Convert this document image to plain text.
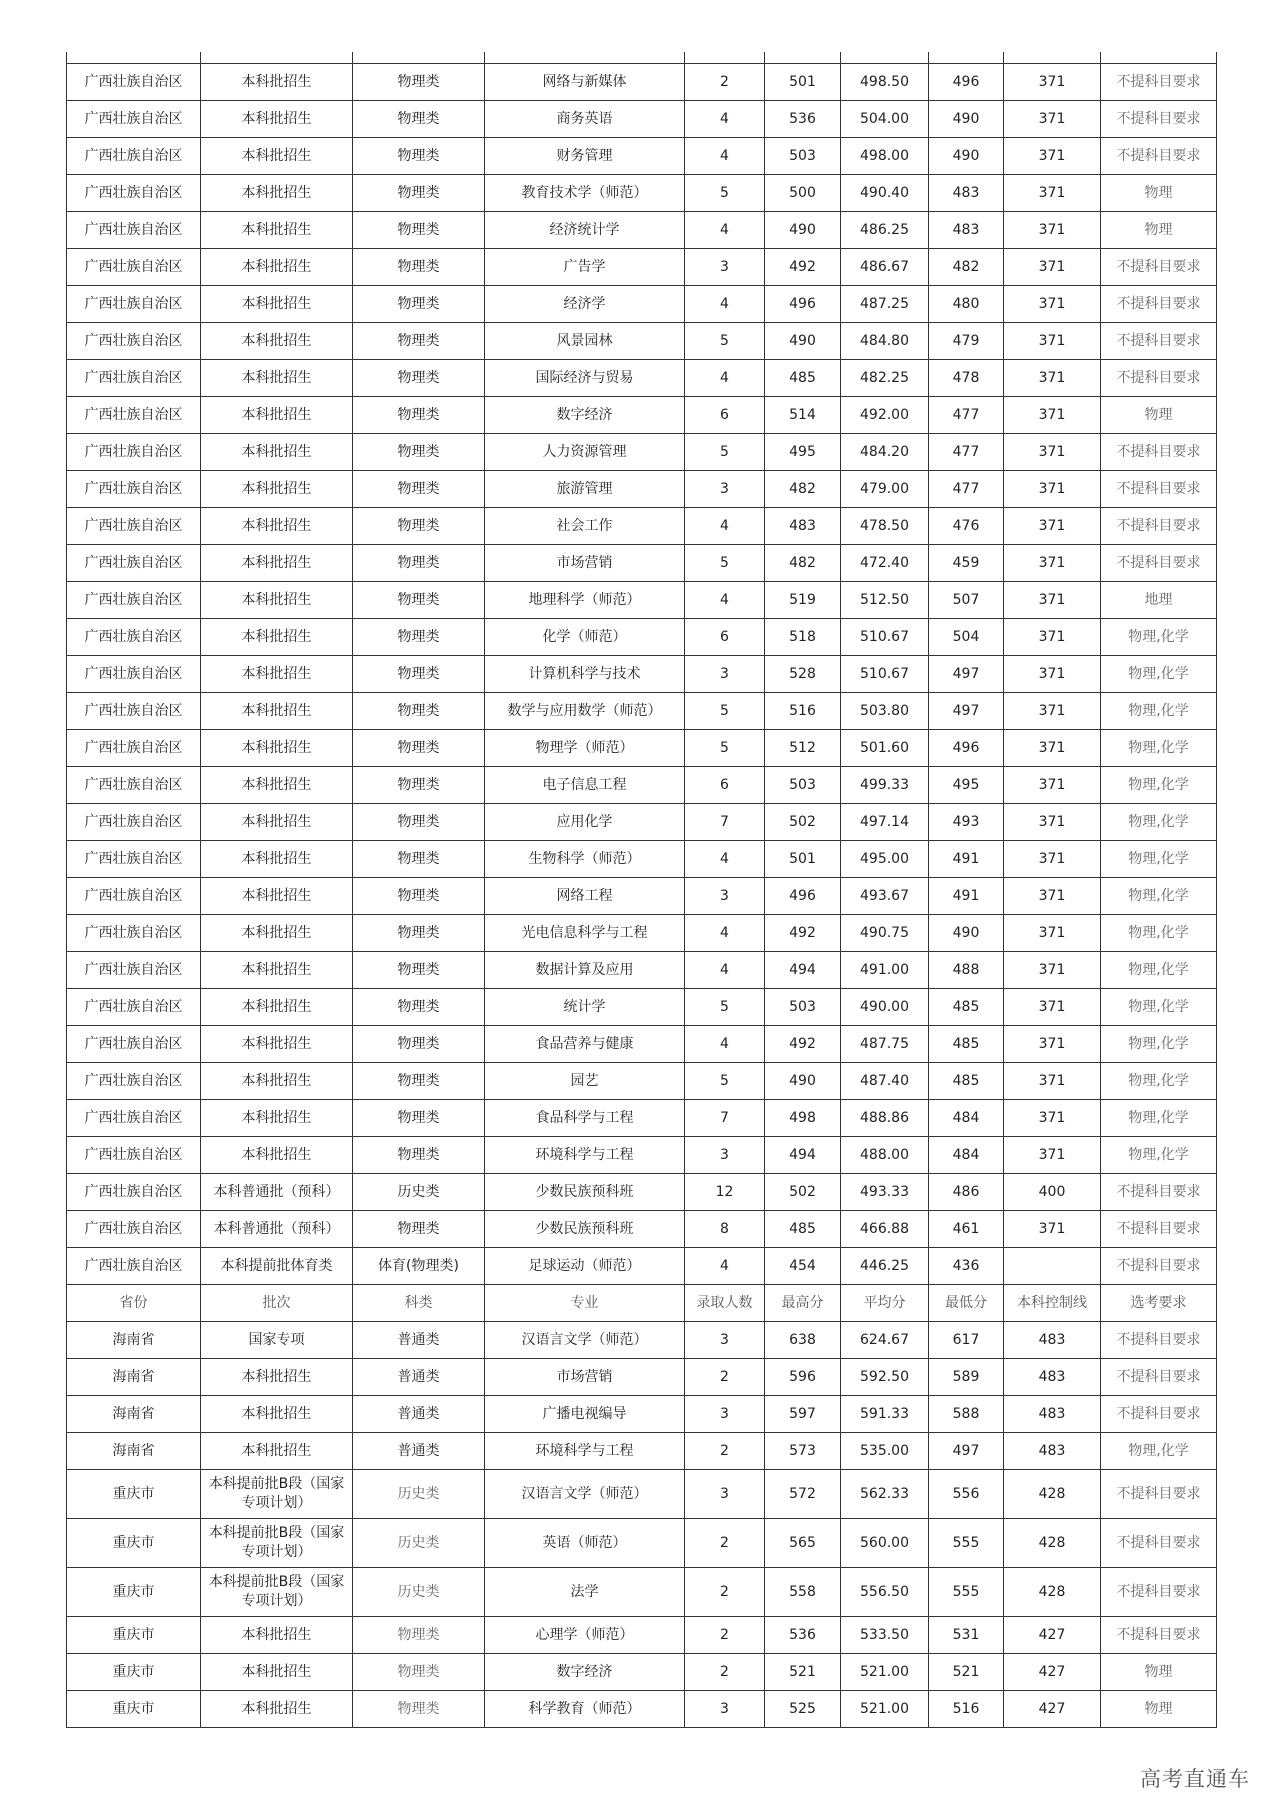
广西壮族自治区	本科批招生	物理类	网络与新媒体	2	501	498.50	496	371	不提科目要求
广西壮族自治区	本科批招生	物理类	商务英语	4	536	504.00	490	371	不提科目要求
广西壮族自治区	本科批招生	物理类	财务管理	4	503	498.00	490	371	不提科目要求
广西壮族自治区	本科批招生	物理类	教育技术学（师范）	5	500	490.40	483	371	物理
广西壮族自治区	本科批招生	物理类	经济统计学	4	490	486.25	483	371	物理
广西壮族自治区	本科批招生	物理类	广告学	3	492	486.67	482	371	不提科目要求
广西壮族自治区	本科批招生	物理类	经济学	4	496	487.25	480	371	不提科目要求
广西壮族自治区	本科批招生	物理类	风景园林	5	490	484.80	479	371	不提科目要求
广西壮族自治区	本科批招生	物理类	国际经济与贸易	4	485	482.25	478	371	不提科目要求
广西壮族自治区	本科批招生	物理类	数字经济	6	514	492.00	477	371	物理
广西壮族自治区	本科批招生	物理类	人力资源管理	5	495	484.20	477	371	不提科目要求
广西壮族自治区	本科批招生	物理类	旅游管理	3	482	479.00	477	371	不提科目要求
广西壮族自治区	本科批招生	物理类	社会工作	4	483	478.50	476	371	不提科目要求
广西壮族自治区	本科批招生	物理类	市场营销	5	482	472.40	459	371	不提科目要求
广西壮族自治区	本科批招生	物理类	地理科学（师范）	4	519	512.50	507	371	地理
广西壮族自治区	本科批招生	物理类	化学（师范）	6	518	510.67	504	371	物理,化学
广西壮族自治区	本科批招生	物理类	计算机科学与技术	3	528	510.67	497	371	物理,化学
广西壮族自治区	本科批招生	物理类	数学与应用数学（师范）	5	516	503.80	497	371	物理,化学
广西壮族自治区	本科批招生	物理类	物理学（师范）	5	512	501.60	496	371	物理,化学
广西壮族自治区	本科批招生	物理类	电子信息工程	6	503	499.33	495	371	物理,化学
广西壮族自治区	本科批招生	物理类	应用化学	7	502	497.14	493	371	物理,化学
广西壮族自治区	本科批招生	物理类	生物科学（师范）	4	501	495.00	491	371	物理,化学
广西壮族自治区	本科批招生	物理类	网络工程	3	496	493.67	491	371	物理,化学
广西壮族自治区	本科批招生	物理类	光电信息科学与工程	4	492	490.75	490	371	物理,化学
广西壮族自治区	本科批招生	物理类	数据计算及应用	4	494	491.00	488	371	物理,化学
广西壮族自治区	本科批招生	物理类	统计学	5	503	490.00	485	371	物理,化学
广西壮族自治区	本科批招生	物理类	食品营养与健康	4	492	487.75	485	371	物理,化学
广西壮族自治区	本科批招生	物理类	园艺	5	490	487.40	485	371	物理,化学
广西壮族自治区	本科批招生	物理类	食品科学与工程	7	498	488.86	484	371	物理,化学
广西壮族自治区	本科批招生	物理类	环境科学与工程	3	494	488.00	484	371	物理,化学
广西壮族自治区	本科普通批（预科）	历史类	少数民族预科班	12	502	493.33	486	400	不提科目要求
广西壮族自治区	本科普通批（预科）	物理类	少数民族预科班	8	485	466.88	461	371	不提科目要求
广西壮族自治区	本科提前批体育类	体育(物理类)	足球运动（师范）	4	454	446.25	436		不提科目要求
省份	批次	科类	专业	录取人数	最高分	平均分	最低分	本科控制线	选考要求
海南省	国家专项	普通类	汉语言文学（师范）	3	638	624.67	617	483	不提科目要求
海南省	本科批招生	普通类	市场营销	2	596	592.50	589	483	不提科目要求
海南省	本科批招生	普通类	广播电视编导	3	597	591.33	588	483	不提科目要求
海南省	本科批招生	普通类	环境科学与工程	2	573	535.00	497	483	物理,化学
重庆市	本科提前批B段（国家专项计划）	历史类	汉语言文学（师范）	3	572	562.33	556	428	不提科目要求
重庆市	本科提前批B段（国家专项计划）	历史类	英语（师范）	2	565	560.00	555	428	不提科目要求
重庆市	本科提前批B段（国家专项计划）	历史类	法学	2	558	556.50	555	428	不提科目要求
重庆市	本科批招生	物理类	心理学（师范）	2	536	533.50	531	427	不提科目要求
重庆市	本科批招生	物理类	数字经济	2	521	521.00	521	427	物理
重庆市	本科批招生	物理类	科学教育（师范）	3	525	521.00	516	427	物理
高考直通车
